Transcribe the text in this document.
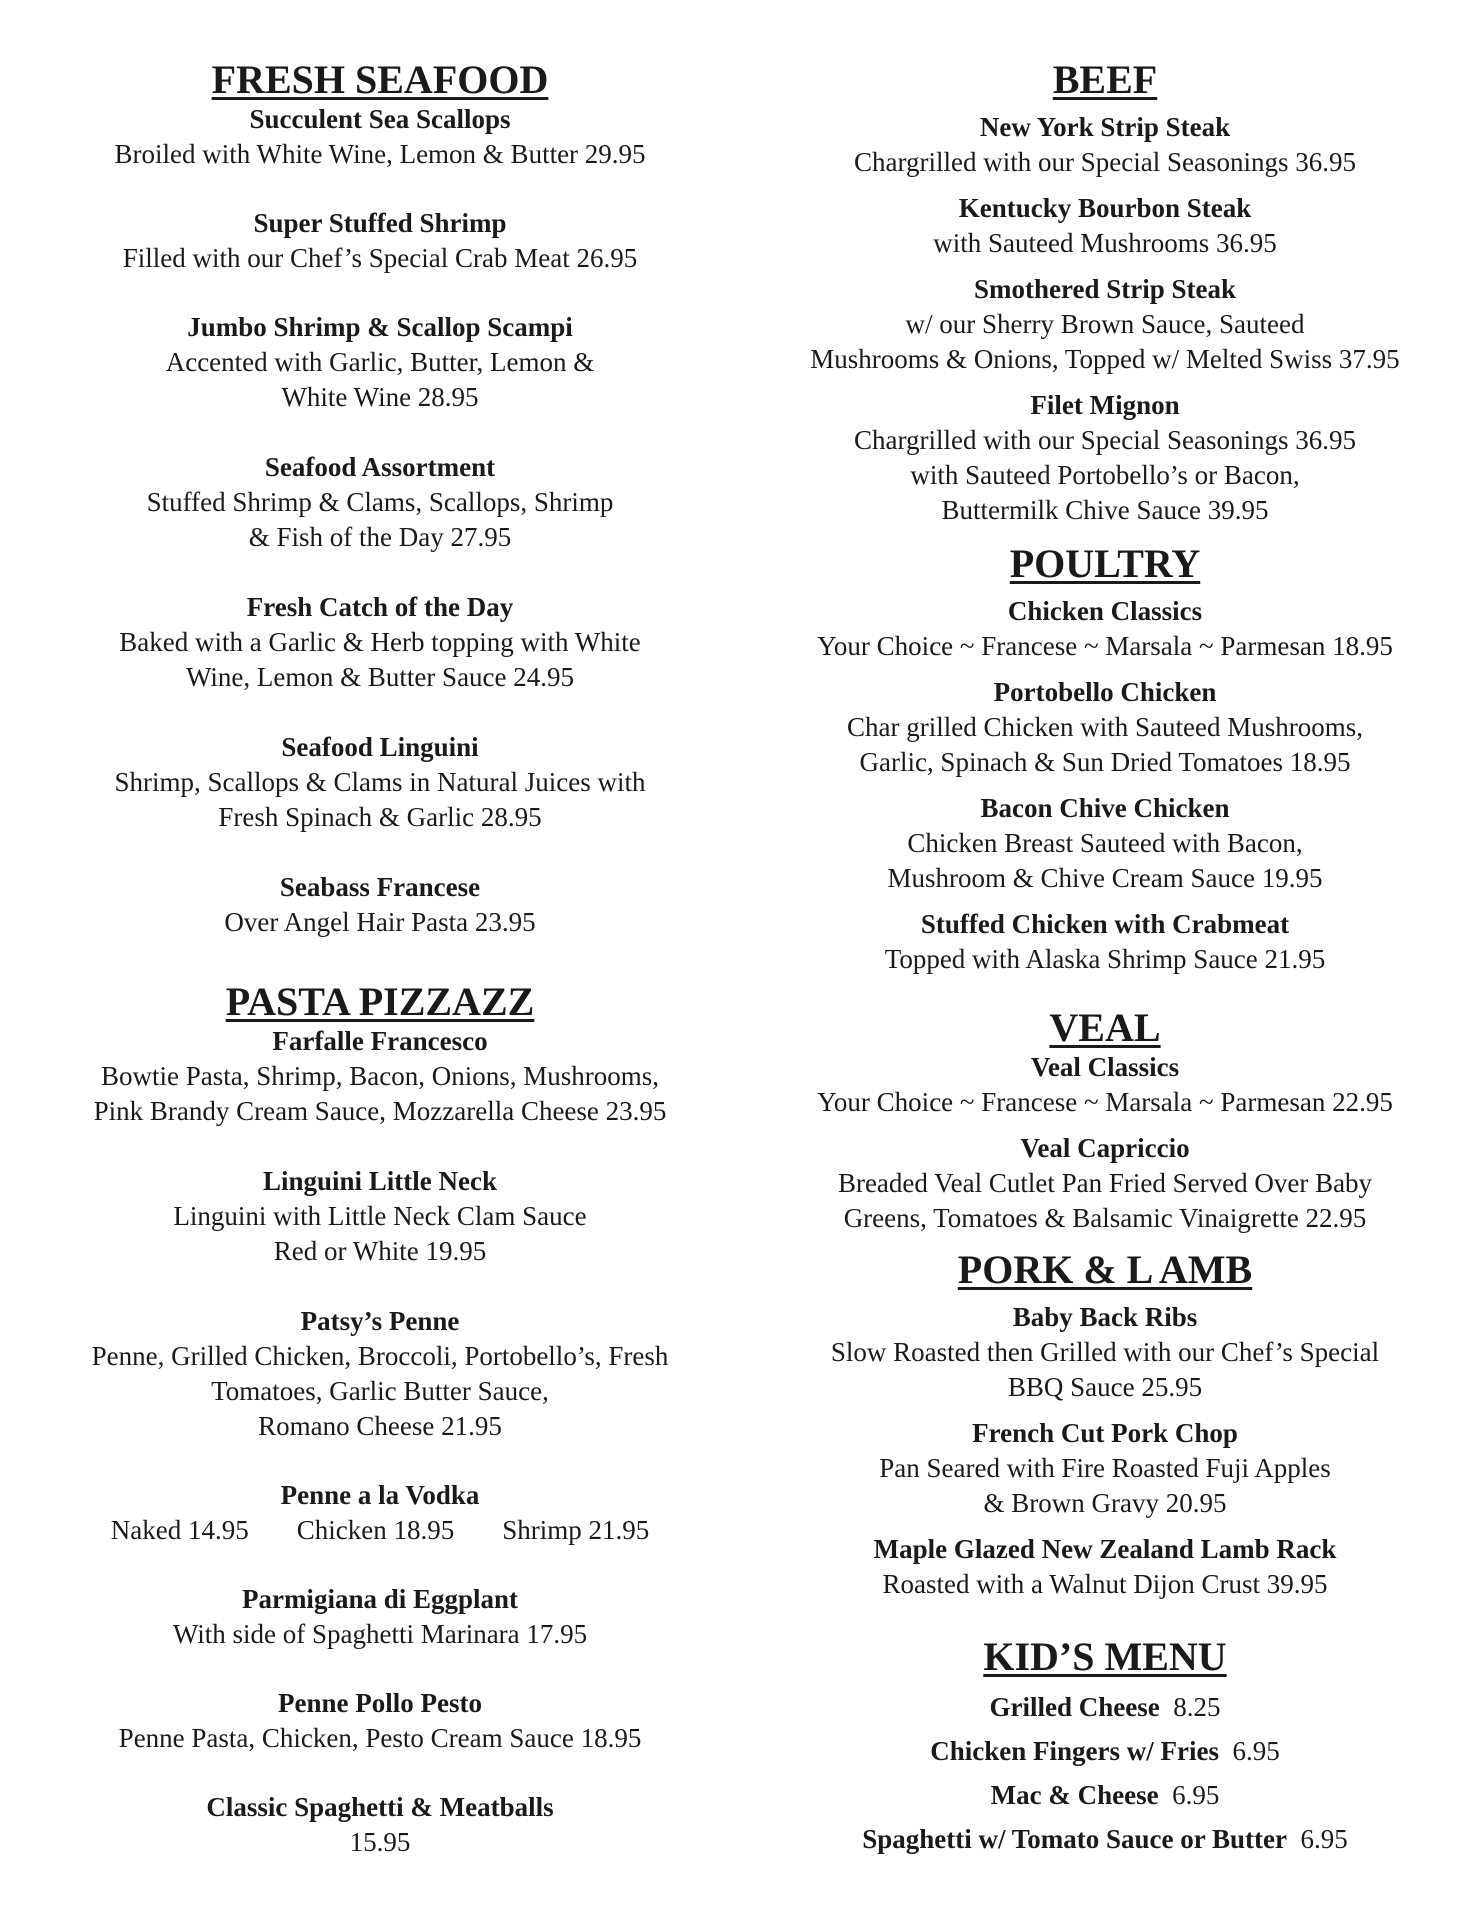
FRESH SEAFOOD
Succulent Sea Scallops
Broiled with White Wine, Lemon & Butter 29.95
Super Stuffed Shrimp
Filled with our Chef’s Special Crab Meat 26.95
Jumbo Shrimp & Scallop Scampi
Accented with Garlic, Butter, Lemon &
White Wine 28.95
Seafood Assortment
Stuffed Shrimp & Clams, Scallops, Shrimp
& Fish of the Day 27.95
Fresh Catch of the Day
Baked with a Garlic & Herb topping with White
Wine, Lemon & Butter Sauce 24.95
Seafood Linguini
Shrimp, Scallops & Clams in Natural Juices with
Fresh Spinach & Garlic 28.95
Seabass Francese
Over Angel Hair Pasta 23.95
PASTA PIZZAZZ
Farfalle Francesco
Bowtie Pasta, Shrimp, Bacon, Onions, Mushrooms,
Pink Brandy Cream Sauce, Mozzarella Cheese 23.95
Linguini Little Neck
Linguini with Little Neck Clam Sauce
Red or White 19.95
Patsy’s Penne
Penne, Grilled Chicken, Broccoli, Portobello’s, Fresh
Tomatoes, Garlic Butter Sauce,
Romano Cheese 21.95
Penne a la Vodka
Naked 14.95 Chicken 18.95 Shrimp 21.95
Parmigiana di Eggplant
With side of Spaghetti Marinara 17.95
Penne Pollo Pesto
Penne Pasta, Chicken, Pesto Cream Sauce 18.95
Classic Spaghetti & Meatballs
15.95
BEEF
New York Strip Steak
Chargrilled with our Special Seasonings 36.95
Kentucky Bourbon Steak
with Sauteed Mushrooms 36.95
Smothered Strip Steak
w/ our Sherry Brown Sauce, Sauteed
Mushrooms & Onions, Topped w/ Melted Swiss 37.95
Filet Mignon
Chargrilled with our Special Seasonings 36.95
with Sauteed Portobello’s or Bacon,
Buttermilk Chive Sauce 39.95
POULTRY
Chicken Classics
Your Choice ~ Francese ~ Marsala ~ Parmesan 18.95
Portobello Chicken
Char grilled Chicken with Sauteed Mushrooms,
Garlic, Spinach & Sun Dried Tomatoes 18.95
Bacon Chive Chicken
Chicken Breast Sauteed with Bacon,
Mushroom & Chive Cream Sauce 19.95
Stuffed Chicken with Crabmeat
Topped with Alaska Shrimp Sauce 21.95
VEAL
Veal Classics
Your Choice ~ Francese ~ Marsala ~ Parmesan 22.95
Veal Capriccio
Breaded Veal Cutlet Pan Fried Served Over Baby
Greens, Tomatoes & Balsamic Vinaigrette 22.95
PORK & L AMB
Baby Back Ribs
Slow Roasted then Grilled with our Chef’s Special
BBQ Sauce 25.95
French Cut Pork Chop
Pan Seared with Fire Roasted Fuji Apples
& Brown Gravy 20.95
Maple Glazed New Zealand Lamb Rack
Roasted with a Walnut Dijon Crust 39.95
KID’S MENU
Grilled Cheese 8.25
Chicken Fingers w/ Fries 6.95
Mac & Cheese 6.95
Spaghetti w/ Tomato Sauce or Butter 6.95
